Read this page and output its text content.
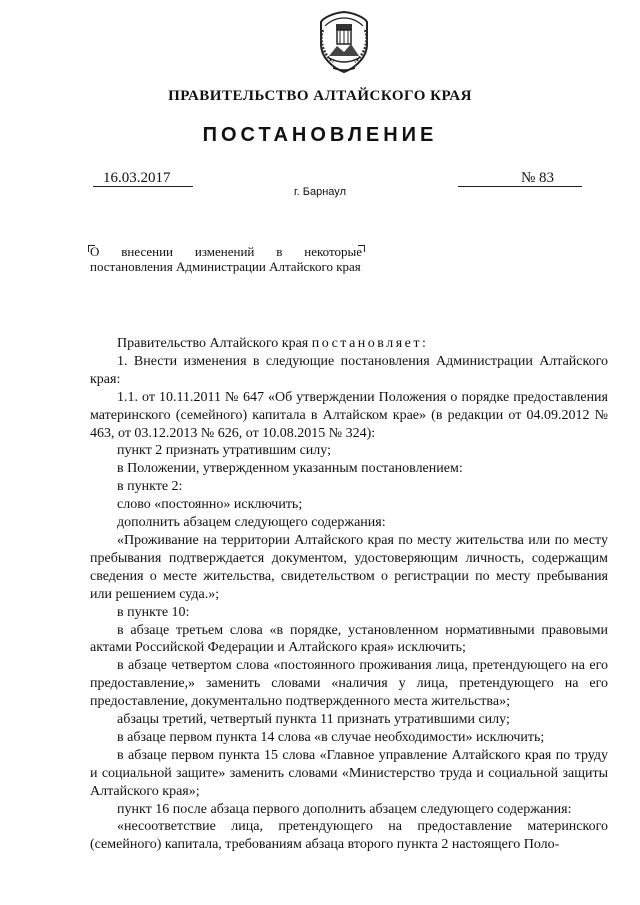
ПРАВИТЕЛЬСТВО АЛТАЙСКОГО КРАЯ
ПОСТАНОВЛЕНИЕ
16.03.2017	№ 83
г. Барнаул
О внесении изменений в некоторые постановления Администрации Алтайского края

Правительство Алтайского края постановляет:

1. Внести изменения в следующие постановления Администрации Алтайского края:

1.1. от 10.11.2011 № 647 «Об утверждении Положения о порядке предоставления материнского (семейного) капитала в Алтайском крае» (в редакции от 04.09.2012 № 463, от 03.12.2013 № 626, от 10.08.2015 № 324):

пункт 2 признать утратившим силу;

в Положении, утвержденном указанным постановлением:

в пункте 2:

слово «постоянно» исключить;

дополнить абзацем следующего содержания:

«Проживание на территории Алтайского края по месту жительства или по месту пребывания подтверждается документом, удостоверяющим личность, содержащим сведения о месте жительства, свидетельством о регистрации по месту пребывания или решением суда.»;

в пункте 10:

в абзаце третьем слова «в порядке, установленном нормативными правовыми актами Российской Федерации и Алтайского края» исключить;

в абзаце четвертом слова «постоянного проживания лица, претендующего на его предоставление,» заменить словами «наличия у лица, претендующего на его предоставление, документально подтвержденного места жительства»;

абзацы третий, четвертый пункта 11 признать утратившими силу;

в абзаце первом пункта 14 слова «в случае необходимости» исключить;

в абзаце первом пункта 15 слова «Главное управление Алтайского края по труду и социальной защите» заменить словами «Министерство труда и социальной защиты Алтайского края»;

пункт 16 после абзаца первого дополнить абзацем следующего содержания:

«несоответствие лица, претендующего на предоставление материнского (семейного) капитала, требованиям абзаца второго пункта 2 настоящего Поло-
